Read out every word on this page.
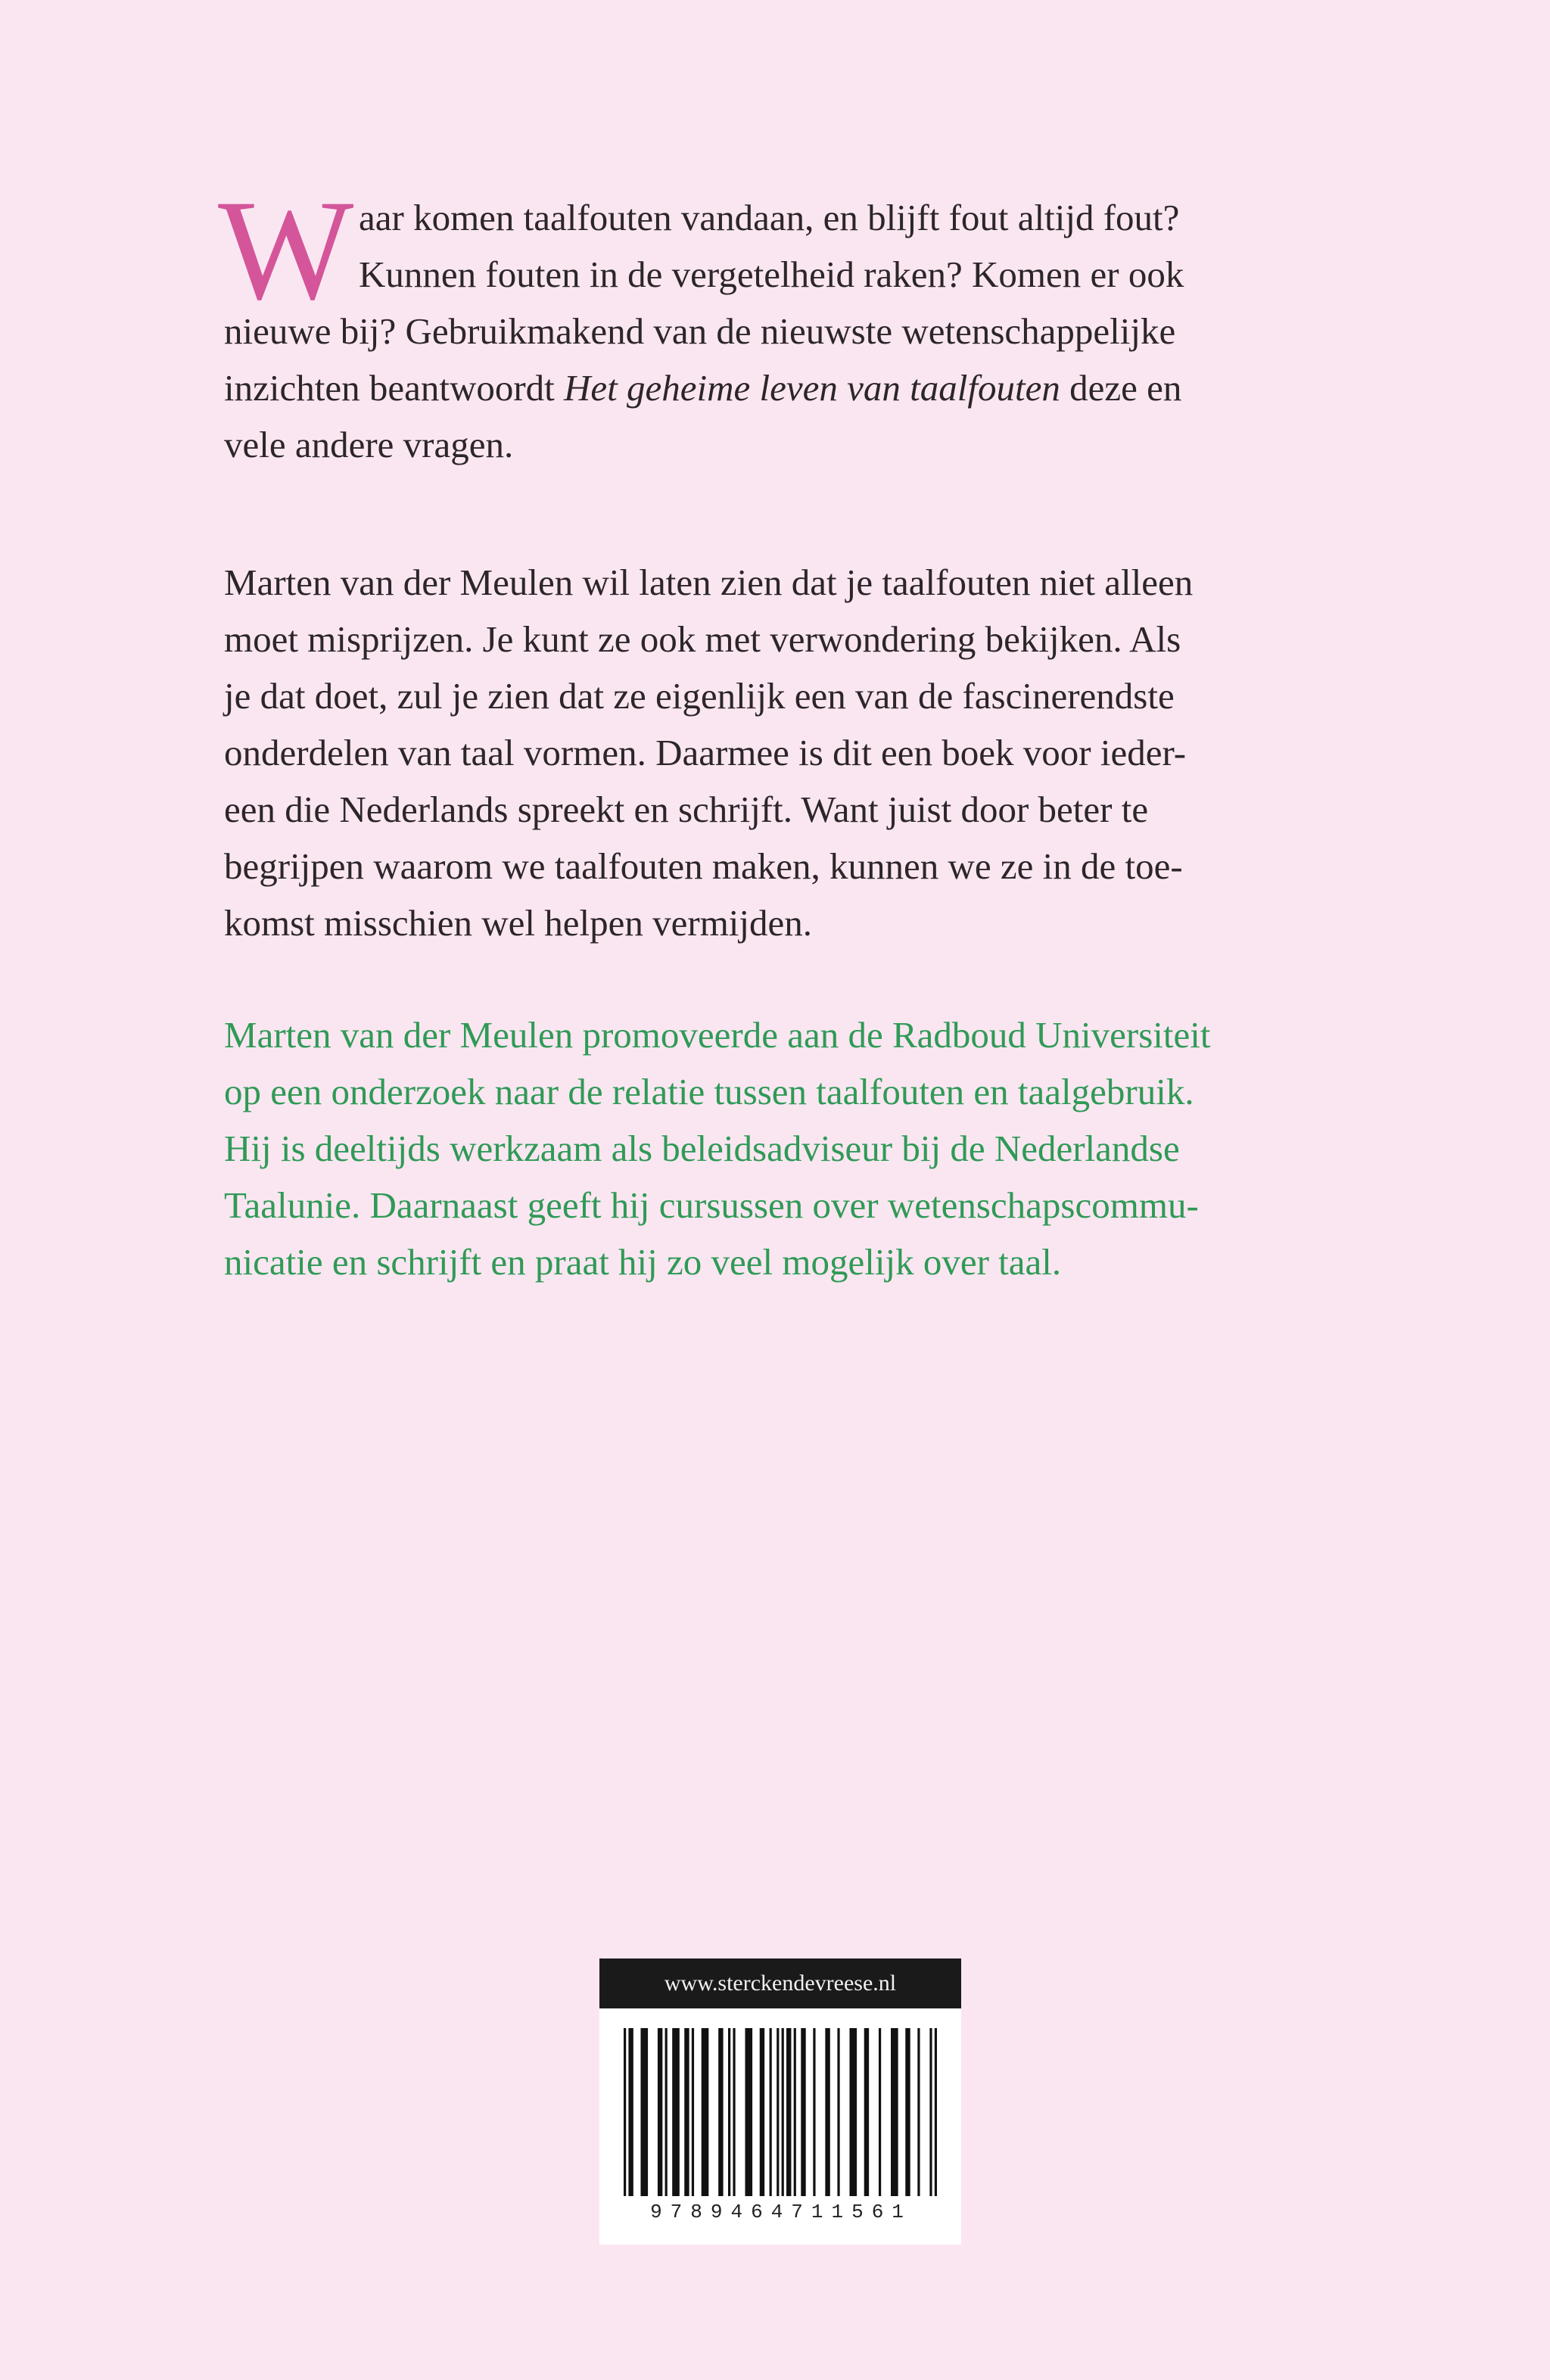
W aar komen taalfouten vandaan, en blijft fout altijd fout?
Kunnen fouten in de vergetelheid raken? Komen er ook
nieuwe bij? Gebruikmakend van de nieuwste wetenschappelijke
inzichten beantwoordt Het geheime leven van taalfouten deze en
vele andere vragen.
Marten van der Meulen wil laten zien dat je taalfouten niet alleen
moet misprijzen. Je kunt ze ook met verwondering bekijken. Als
je dat doet, zul je zien dat ze eigenlijk een van de fascinerendste
onderdelen van taal vormen. Daarmee is dit een boek voor ieder-
een die Nederlands spreekt en schrijft. Want juist door beter te
begrijpen waarom we taalfouten maken, kunnen we ze in de toe-
komst misschien wel helpen vermijden.
Marten van der Meulen promoveerde aan de Radboud Universiteit
op een onderzoek naar de relatie tussen taalfouten en taalgebruik.
Hij is deeltijds werkzaam als beleidsadviseur bij de Nederlandse
Taalunie. Daarnaast geeft hij cursussen over wetenschapscommu-
nicatie en schrijft en praat hij zo veel mogelijk over taal.
www.sterckendevreese.nl
9789464711561
